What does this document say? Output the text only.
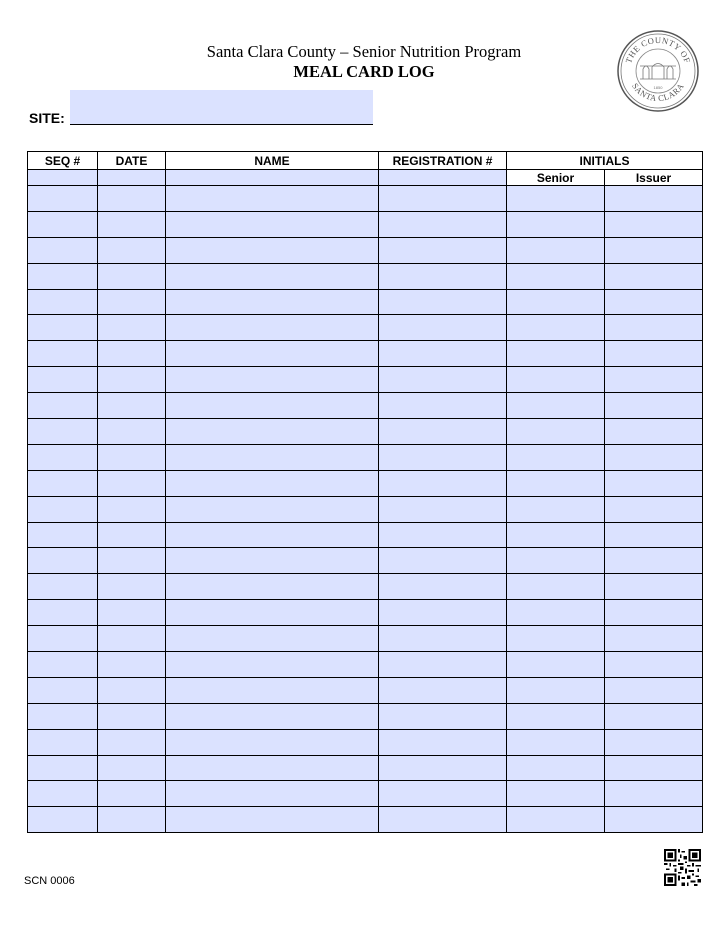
Santa Clara County – Senior Nutrition Program
MEAL CARD LOG
THE COUNTY OF
SANTA CLARA
1850
SITE:
SEQ #	DATE	NAME	REGISTRATION #	INITIALS	
				Senior	Issuer

SCN 0006
